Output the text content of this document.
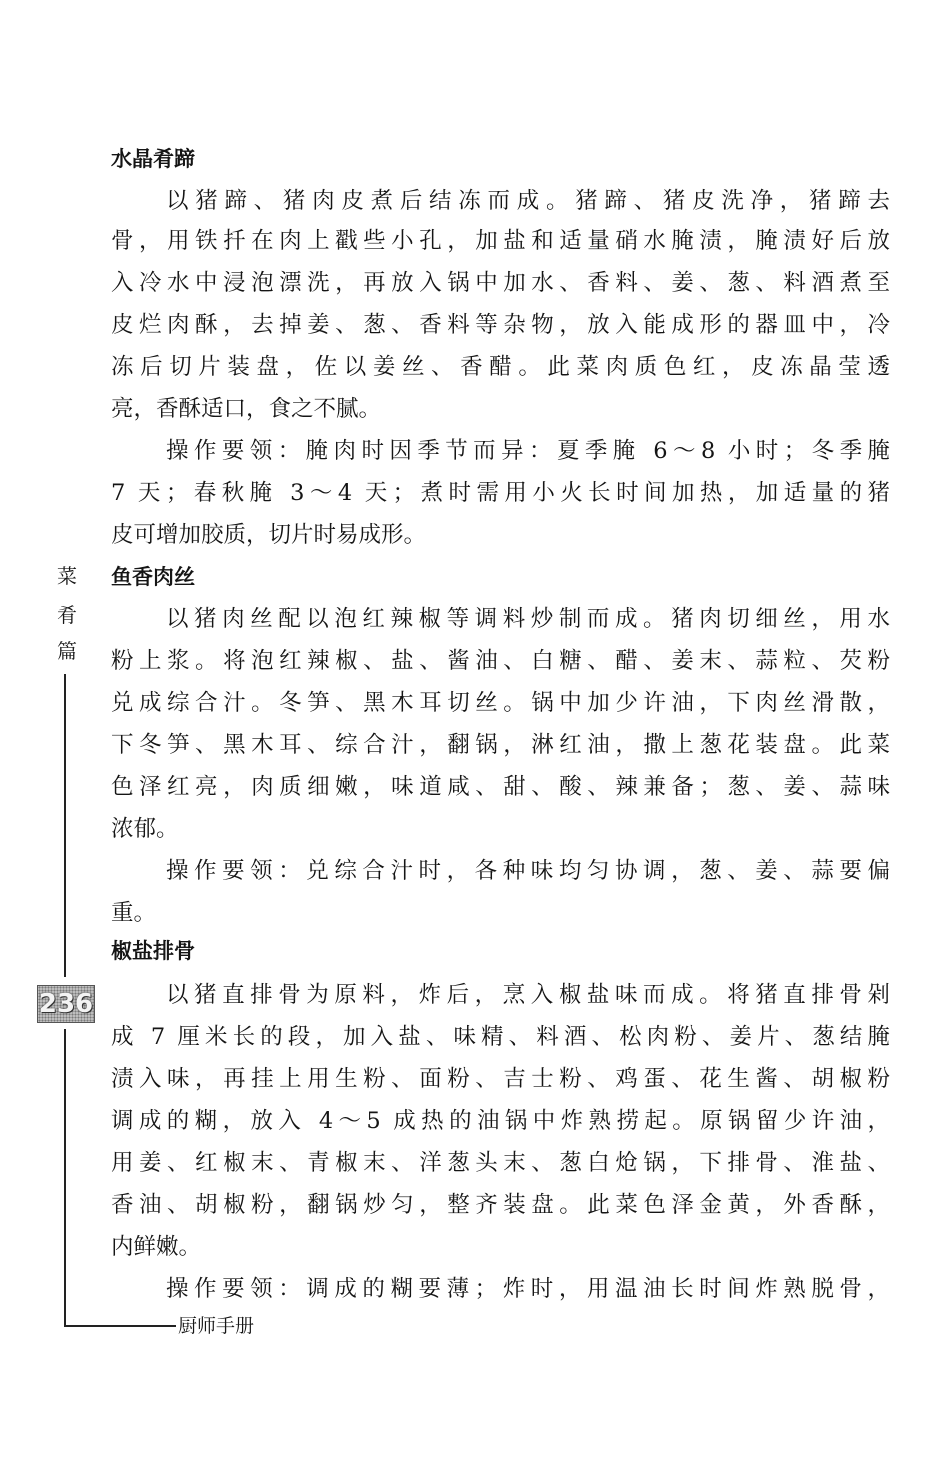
水晶肴蹄
以猪蹄、猪肉皮煮后结冻而成。猪蹄、猪皮洗净，猪蹄去
骨，用铁扦在肉上戳些小孔，加盐和适量硝水腌渍，腌渍好后放
入冷水中浸泡漂洗，再放入锅中加水、香料、姜、葱、料酒煮至
皮烂肉酥，去掉姜、葱、香料等杂物，放入能成形的器皿中，冷
冻后切片装盘，佐以姜丝、香醋。此菜肉质色红，皮冻晶莹透
亮，香酥适口，食之不腻。
操作要领：腌肉时因季节而异：夏季腌 6～8 小时；冬季腌
7 天；春秋腌 3～4 天；煮时需用小火长时间加热，加适量的猪
皮可增加胶质，切片时易成形。
鱼香肉丝
以猪肉丝配以泡红辣椒等调料炒制而成。猪肉切细丝，用水
粉上浆。将泡红辣椒、盐、酱油、白糖、醋、姜末、蒜粒、芡粉
兑成综合汁。冬笋、黑木耳切丝。锅中加少许油，下肉丝滑散，
下冬笋、黑木耳、综合汁，翻锅，淋红油，撒上葱花装盘。此菜
色泽红亮，肉质细嫩，味道咸、甜、酸、辣兼备；葱、姜、蒜味
浓郁。
操作要领：兑综合汁时，各种味均匀协调，葱、姜、蒜要偏
重。
椒盐排骨
以猪直排骨为原料，炸后，烹入椒盐味而成。将猪直排骨剁
成 7 厘米长的段，加入盐、味精、料酒、松肉粉、姜片、葱结腌
渍入味，再挂上用生粉、面粉、吉士粉、鸡蛋、花生酱、胡椒粉
调成的糊，放入 4～5 成热的油锅中炸熟捞起。原锅留少许油，
用姜、红椒末、青椒末、洋葱头末、葱白炝锅，下排骨、淮盐、
香油、胡椒粉，翻锅炒匀，整齐装盘。此菜色泽金黄，外香酥，
内鲜嫩。
操作要领：调成的糊要薄；炸时，用温油长时间炸熟脱骨，
菜
肴
篇
236
厨师手册
